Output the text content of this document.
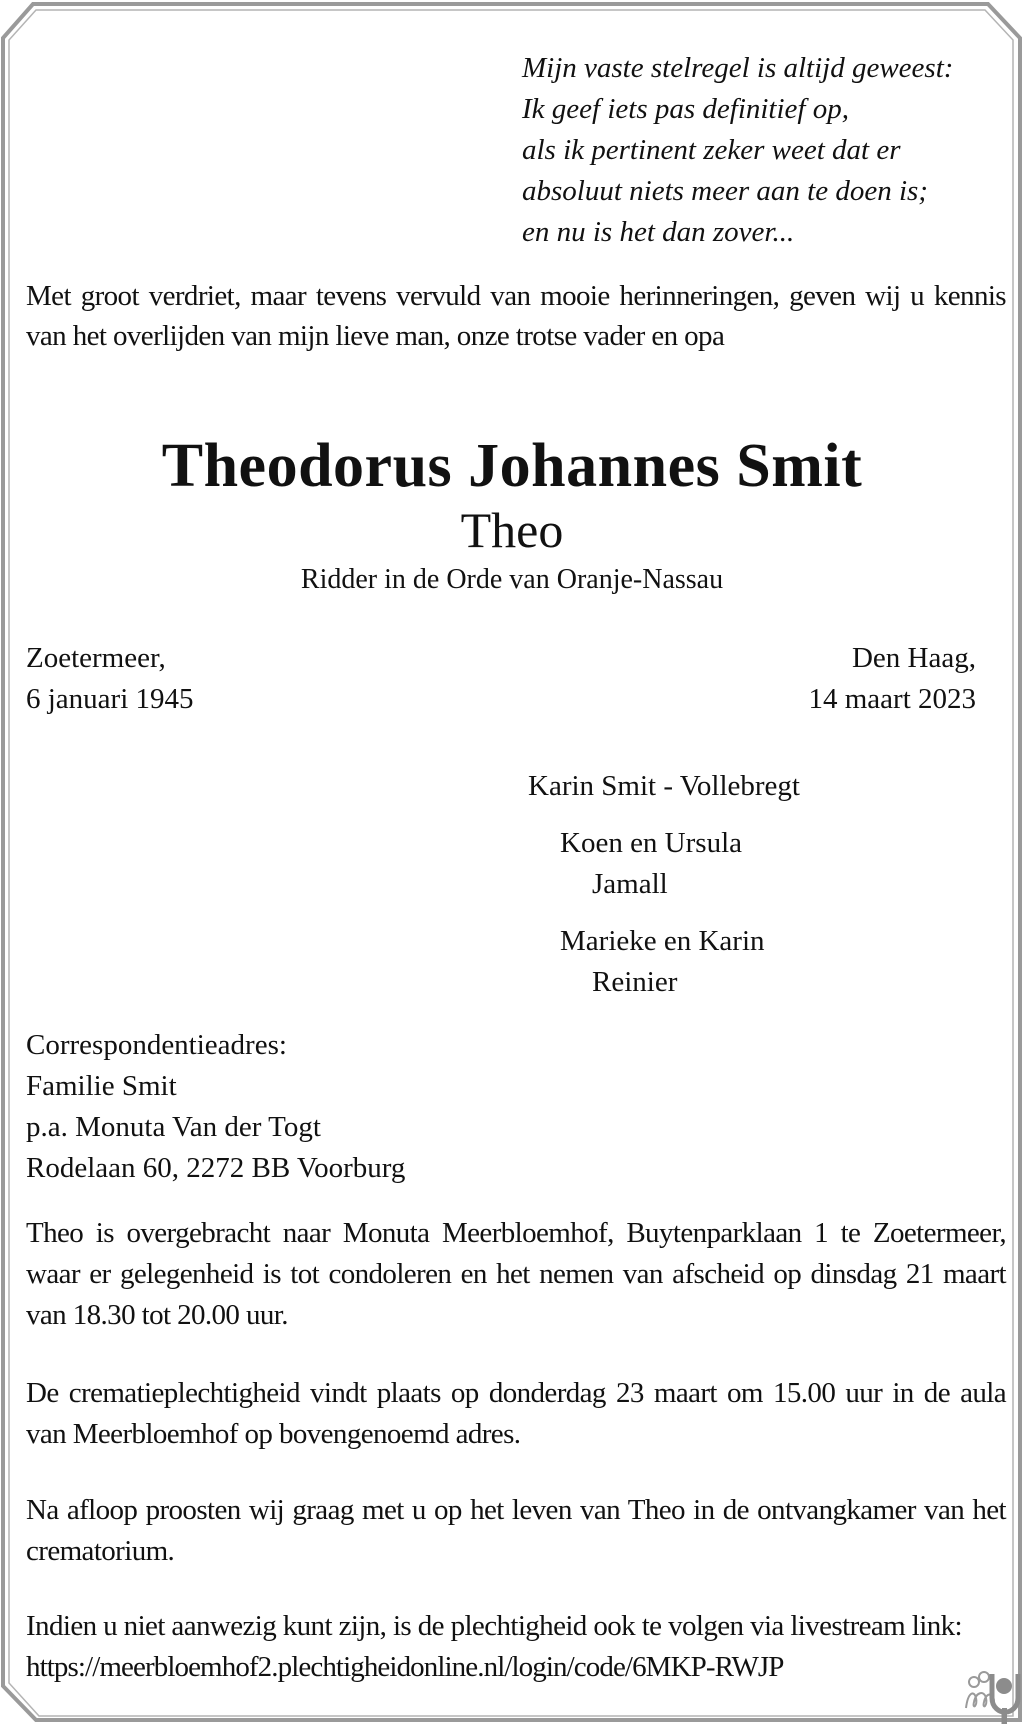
Mijn vaste stelregel is altijd geweest:
Ik geef iets pas definitief op,
als ik pertinent zeker weet dat er
absoluut niets meer aan te doen is;
en nu is het dan zover...
Met groot verdriet, maar tevens vervuld van mooie herinneringen, geven wij u kennis van het overlijden van mijn lieve man, onze trotse vader en opa
Theodorus Johannes Smit
Theo
Ridder in de Orde van Oranje-Nassau
Zoetermeer,
6 januari 1945
Den Haag,
14 maart 2023
Karin Smit - Vollebregt
Koen en Ursula
Jamall
Marieke en Karin
Reinier
Correspondentieadres:
Familie Smit
p.a. Monuta Van der Togt
Rodelaan 60, 2272 BB Voorburg
Theo is overgebracht naar Monuta Meerbloemhof, Buytenparklaan 1 te Zoetermeer, waar er gelegenheid is tot condoleren en het nemen van afscheid op dinsdag 21 maart van 18.30 tot 20.00 uur.
De crematieplechtigheid vindt plaats op donderdag 23 maart om 15.00 uur in de aula van Meerbloemhof op bovengenoemd adres.
Na afloop proosten wij graag met u op het leven van Theo in de ontvangkamer van het crematorium.
Indien u niet aanwezig kunt zijn, is de plechtigheid ook te volgen via livestream link:
https://meerbloemhof2.plechtigheidonline.nl/login/code/6MKP-RWJP
